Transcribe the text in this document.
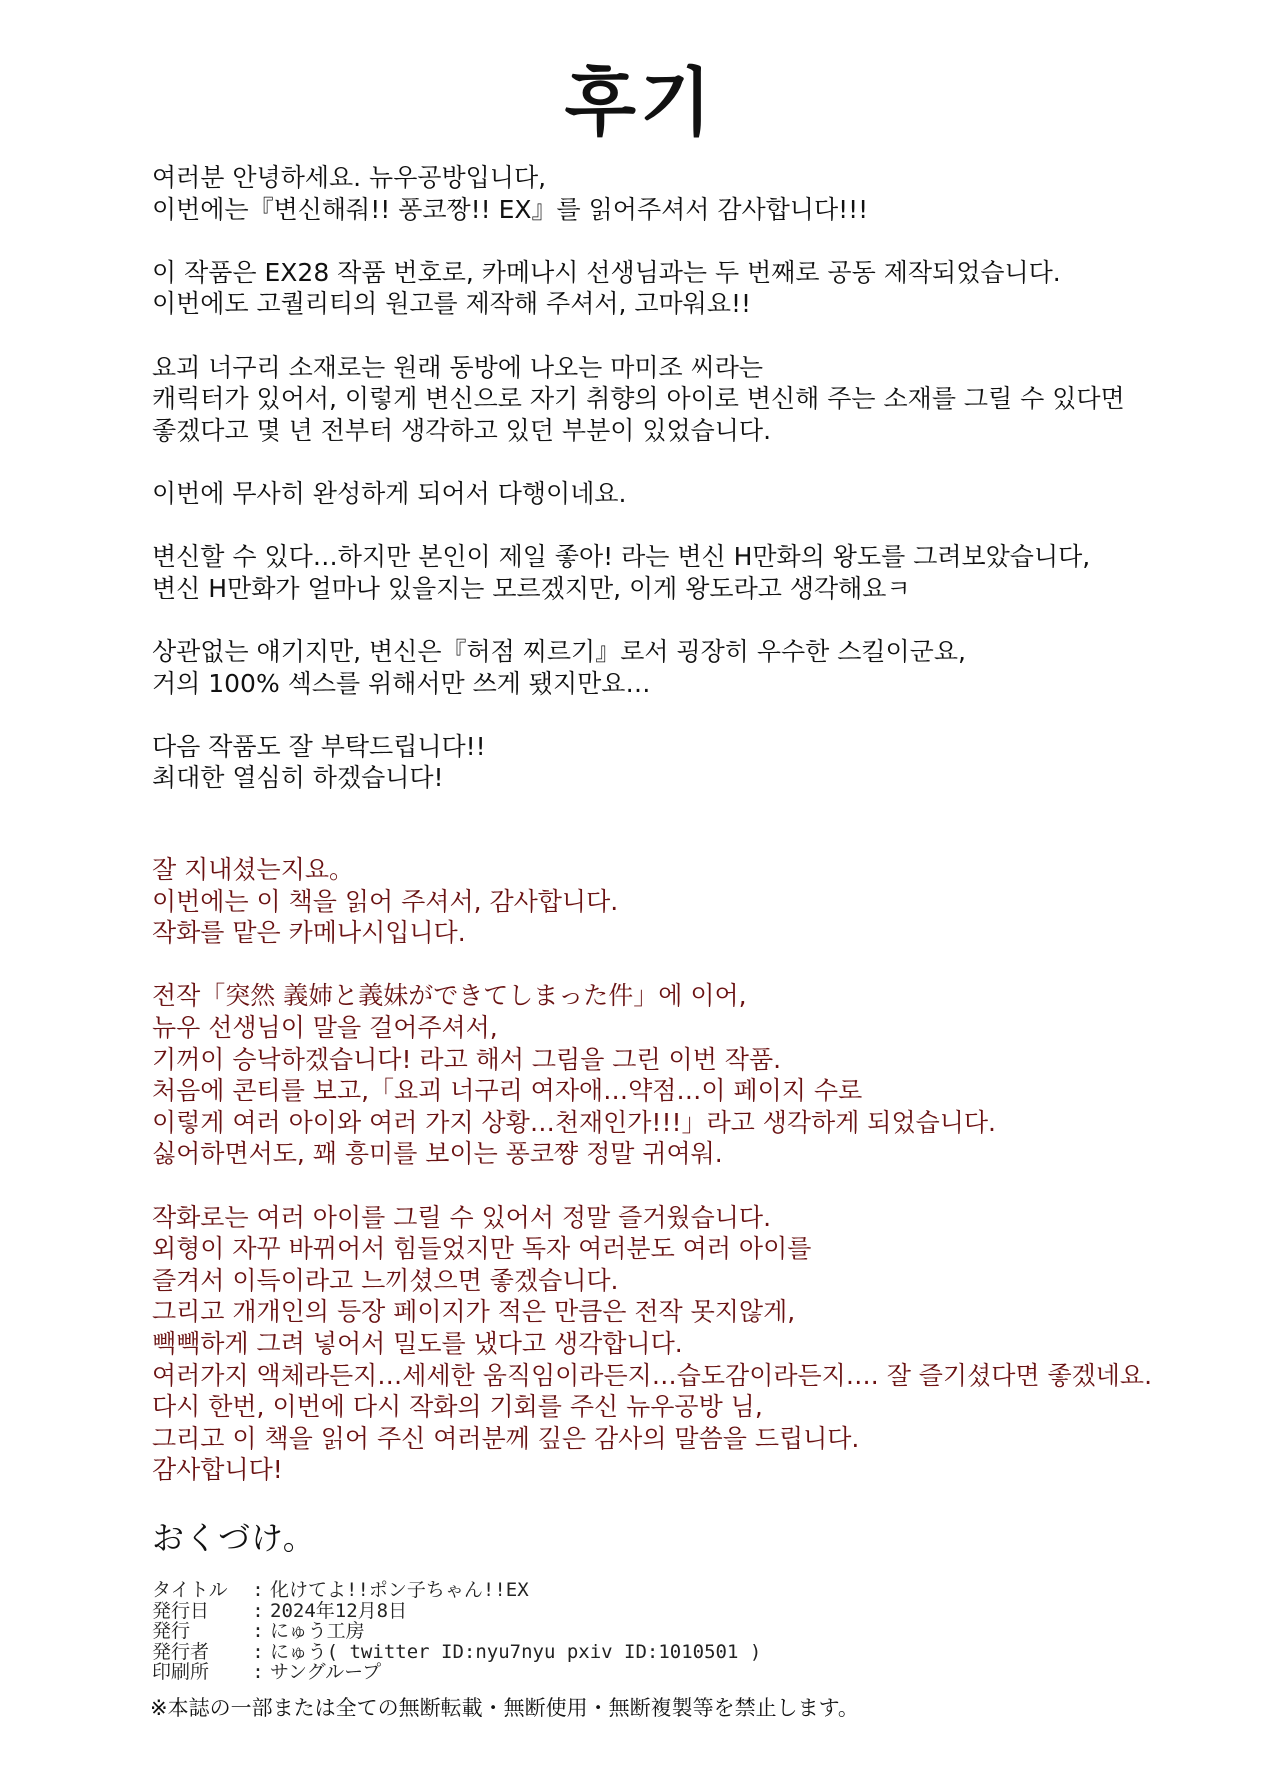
후기

여러분 안녕하세요. 뉴우공방입니다,

이번에는『변신해줘!! 퐁코짱!! EX』를 읽어주셔서 감사합니다!!!

이 작품은 EX28 작품 번호로, 카메나시 선생님과는 두 번째로 공동 제작되었습니다.

이번에도 고퀄리티의 원고를 제작해 주셔서, 고마워요!!

요괴 너구리 소재로는 원래 동방에 나오는 마미조 씨라는

캐릭터가 있어서, 이렇게 변신으로 자기 취향의 아이로 변신해 주는 소재를 그릴 수 있다면

좋겠다고 몇 년 전부터 생각하고 있던 부분이 있었습니다.

이번에 무사히 완성하게 되어서 다행이네요.

변신할 수 있다…하지만 본인이 제일 좋아! 라는 변신 H만화의 왕도를 그려보았습니다,

변신 H만화가 얼마나 있을지는 모르겠지만, 이게 왕도라고 생각해요ㅋ

상관없는 얘기지만, 변신은『허점 찌르기』로서 굉장히 우수한 스킬이군요,

거의 100% 섹스를 위해서만 쓰게 됐지만요…

다음 작품도 잘 부탁드립니다!!

최대한 열심히 하겠습니다!

잘 지내셨는지요。

이번에는 이 책을 읽어 주셔서, 감사합니다.

작화를 맡은 카메나시입니다.

전작「突然 義姉と義妹ができてしまった件」에 이어,

뉴우 선생님이 말을 걸어주셔서,

기꺼이 승낙하겠습니다! 라고 해서 그림을 그린 이번 작품.

처음에 콘티를 보고,「요괴 너구리 여자애…약점…이 페이지 수로

이렇게 여러 아이와 여러 가지 상황…천재인가!!!」라고 생각하게 되었습니다.

싫어하면서도, 꽤 흥미를 보이는 퐁코쨩 정말 귀여워.

작화로는 여러 아이를 그릴 수 있어서 정말 즐거웠습니다.

외형이 자꾸 바뀌어서 힘들었지만 독자 여러분도 여러 아이를

즐겨서 이득이라고 느끼셨으면 좋겠습니다.

그리고 개개인의 등장 페이지가 적은 만큼은 전작 못지않게,

빽빽하게 그려 넣어서 밀도를 냈다고 생각합니다.

여러가지 액체라든지…세세한 움직임이라든지…습도감이라든지…. 잘 즐기셨다면 좋겠네요.

다시 한번, 이번에 다시 작화의 기회를 주신 뉴우공방 님,

그리고 이 책을 읽어 주신 여러분께 깊은 감사의 말씀을 드립니다.

감사합니다!

おくづけ。
タイトル	: 化けてよ!!ポン子ちゃん!!EX
発行日	: 2024年12月8日
発行	: にゅう工房
発行者	: にゅう( twitter ID:nyu7nyu pxiv ID:1010501 )
印刷所	: サングループ
※本誌の一部または全ての無断転載・無断使用・無断複製等を禁止します。
